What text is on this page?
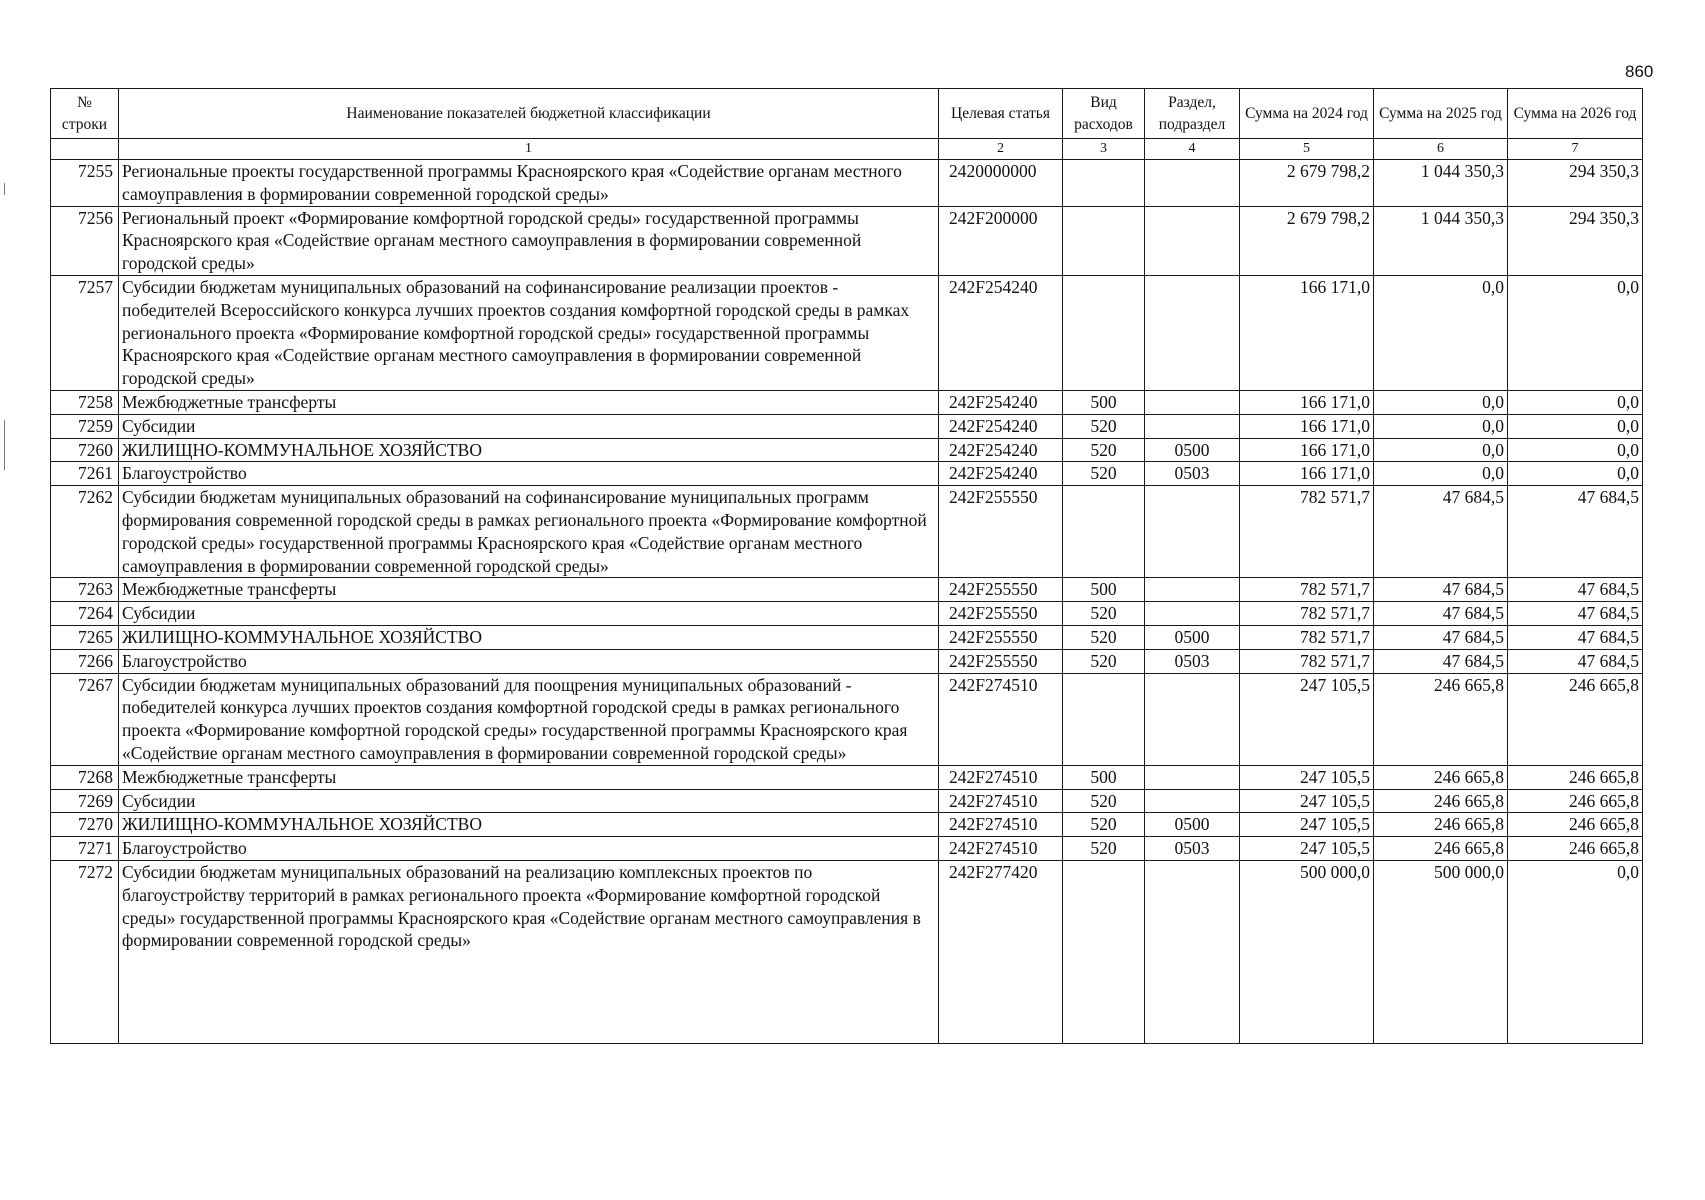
860
№ строки	Наименование показателей бюджетной классификации	Целевая статья	Вид расходов	Раздел, подраздел	Сумма на 2024 год	Сумма на 2025 год	Сумма на 2026 год
	1	2	3	4	5	6	7
7255	Региональные проекты государственной программы Красноярского края «Содействие органам местного самоуправления в формировании современной городской среды»	2420000000			2 679 798,2	1 044 350,3	294 350,3
7256	Региональный проект «Формирование комфортной городской среды» государственной программы Красноярского края «Содействие органам местного самоуправления в формировании современной городской среды»	242F200000			2 679 798,2	1 044 350,3	294 350,3
7257	Субсидии бюджетам муниципальных образований на софинансирование реализации проектов - победителей Всероссийского конкурса лучших проектов создания комфортной городской среды в рамках регионального проекта «Формирование комфортной городской среды» государственной программы Красноярского края «Содействие органам местного самоуправления в формировании современной городской среды»	242F254240			166 171,0	0,0	0,0
7258	Межбюджетные трансферты	242F254240	500		166 171,0	0,0	0,0
7259	Субсидии	242F254240	520		166 171,0	0,0	0,0
7260	ЖИЛИЩНО-КОММУНАЛЬНОЕ ХОЗЯЙСТВО	242F254240	520	0500	166 171,0	0,0	0,0
7261	Благоустройство	242F254240	520	0503	166 171,0	0,0	0,0
7262	Субсидии бюджетам муниципальных образований на софинансирование муниципальных программ формирования современной городской среды в рамках регионального проекта «Формирование комфортной городской среды» государственной программы Красноярского края «Содействие органам местного самоуправления в формировании современной городской среды»	242F255550			782 571,7	47 684,5	47 684,5
7263	Межбюджетные трансферты	242F255550	500		782 571,7	47 684,5	47 684,5
7264	Субсидии	242F255550	520		782 571,7	47 684,5	47 684,5
7265	ЖИЛИЩНО-КОММУНАЛЬНОЕ ХОЗЯЙСТВО	242F255550	520	0500	782 571,7	47 684,5	47 684,5
7266	Благоустройство	242F255550	520	0503	782 571,7	47 684,5	47 684,5
7267	Субсидии бюджетам муниципальных образований для поощрения муниципальных образований - победителей конкурса лучших проектов создания комфортной городской среды в рамках регионального проекта «Формирование комфортной городской среды» государственной программы Красноярского края «Содействие органам местного самоуправления в формировании современной городской среды»	242F274510			247 105,5	246 665,8	246 665,8
7268	Межбюджетные трансферты	242F274510	500		247 105,5	246 665,8	246 665,8
7269	Субсидии	242F274510	520		247 105,5	246 665,8	246 665,8
7270	ЖИЛИЩНО-КОММУНАЛЬНОЕ ХОЗЯЙСТВО	242F274510	520	0500	247 105,5	246 665,8	246 665,8
7271	Благоустройство	242F274510	520	0503	247 105,5	246 665,8	246 665,8
7272	Субсидии бюджетам муниципальных образований на реализацию комплексных проектов по благоустройству территорий в рамках регионального проекта «Формирование комфортной городской среды» государственной программы Красноярского края «Содействие органам местного самоуправления в формировании современной городской среды»	242F277420			500 000,0	500 000,0	0,0
